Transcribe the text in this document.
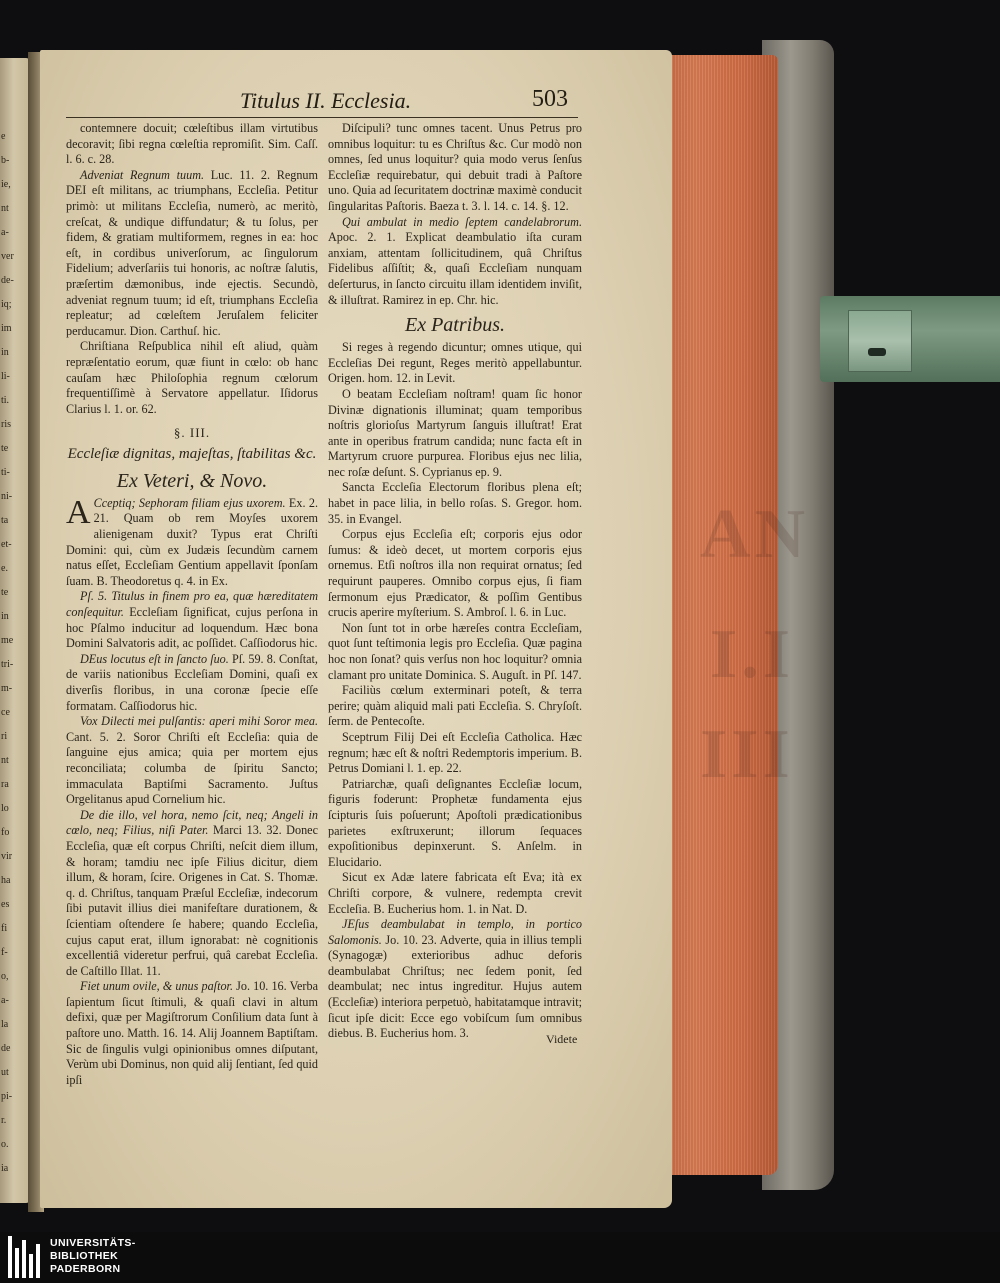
e
b-
ie,
nt
a-
ver
de-
iq;
im
in
li-
ti.
ris
te
ti-
ni-
ta
et-
e.
te
in
me
tri-
m-
ce
ri
nt
ra
lo
fo
vir
ha
es
fi
f-
o,
a-
la
de
ut
pi-
r.
o.
ia
AN
I.I
III
Titulus II. Ecclesia.	503

contemnere docuit; cœleſtibus illam virtutibus decoravit; ſibi regna cœleſtia repromiſit. Sim. Caſſ. l. 6. c. 28.

Adveniat Regnum tuum. Luc. 11. 2. Regnum DEI eſt militans, ac triumphans, Eccleſia. Petitur primò: ut militans Eccleſia, numerò, ac meritò, creſcat, & undique diffundatur; & tu ſolus, per fidem, & gratiam multiformem, regnes in ea: hoc eſt, in cordibus univerſorum, ac ſingulorum Fidelium; adverſariis tui honoris, ac noſtræ ſalutis, præſertim dæmonibus, inde ejectis. Secundò, adveniat regnum tuum; id eſt, triumphans Eccleſia repleatur; ad cœleſtem Jeruſalem feliciter perducamur. Dion. Carthuſ. hic.

Chriſtiana Reſpublica nihil eſt aliud, quàm repræſentatio eorum, quæ fiunt in cœlo: ob hanc cauſam hæc Philoſophia regnum cœlorum frequentiſſimè à Servatore appellatur. Iſidorus Clarius l. 1. or. 62.

§. III.
Eccleſiæ dignitas, majeſtas, ſtabilitas &c.
Ex Veteri, & Novo.

A Cceptiq; Sephoram filiam ejus uxorem. Ex. 2. 21. Quam ob rem Moyſes uxorem alienigenam duxit? Typus erat Chriſti Domini: qui, cùm ex Judæis ſecundùm carnem natus eſſet, Eccleſiam Gentium appellavit ſponſam ſuam. B. Theodoretus q. 4. in Ex.

Pſ. 5. Titulus in finem pro ea, quæ hæreditatem conſequitur. Eccleſiam ſignificat, cujus perſona in hoc Pſalmo inducitur ad loquendum. Hæc bona Domini Salvatoris adit, ac poſſidet. Caſſiodorus hic.

DEus locutus eſt in ſancto ſuo. Pſ. 59. 8. Conſtat, de variis nationibus Eccleſiam Domini, quaſi ex diverſis floribus, in una coronæ ſpecie eſſe formatam. Caſſiodorus hic.

Vox Dilecti mei pulſantis: aperi mihi Soror mea. Cant. 5. 2. Soror Chriſti eſt Eccleſia: quia de ſanguine ejus amica; quia per mortem ejus reconciliata; columba de ſpiritu Sancto; immaculata Baptiſmi Sacramento. Juſtus Orgelitanus apud Cornelium hic.

De die illo, vel hora, nemo ſcit, neq; Angeli in cœlo, neq; Filius, niſi Pater. Marci 13. 32. Donec Eccleſia, quæ eſt corpus Chriſti, neſcit diem illum, & horam; tamdiu nec ipſe Filius dicitur, diem illum, & horam, ſcire. Origenes in Cat. S. Thomæ. q. d. Chriſtus, tanquam Præſul Eccleſiæ, indecorum ſibi putavit illius diei manifeſtare durationem, & ſcientiam oſtendere ſe habere; quando Eccleſia, cujus caput erat, illum ignorabat: nè cognitionis excellentiâ videretur perfrui, quâ carebat Eccleſia. de Caſtillo Illat. 11.

Fiet unum ovile, & unus paſtor. Jo. 10. 16. Verba ſapientum ſicut ſtimuli, & quaſi clavi in altum defixi, quæ per Magiſtrorum Conſilium data ſunt à paſtore uno. Matth. 16. 14. Alij Joannem Baptiſtam. Sic de ſingulis vulgi opinionibus omnes diſputant, Verùm ubi Dominus, non quid alij ſentiant, ſed quid ipſi

Diſcipuli? tunc omnes tacent. Unus Petrus pro omnibus loquitur: tu es Chriſtus &c. Cur modò non omnes, ſed unus loquitur? quia modo verus ſenſus Eccleſiæ requirebatur, qui debuit tradi à Paſtore uno. Quia ad ſecuritatem doctrinæ maximè conducit ſingularitas Paſtoris. Baeza t. 3. l. 14. c. 14. §. 12.

Qui ambulat in medio ſeptem candelabrorum. Apoc. 2. 1. Explicat deambulatio iſta curam anxiam, attentam ſollicitudinem, quâ Chriſtus Fidelibus aſſiſtit; &, quaſi Eccleſiam nunquam deſerturus, in ſancto circuitu illam identidem inviſit, & illuſtrat. Ramirez in ep. Chr. hic.

Ex Patribus.

Si reges à regendo dicuntur; omnes utique, qui Eccleſias Dei regunt, Reges meritò appellabuntur. Origen. hom. 12. in Levit.

O beatam Eccleſiam noſtram! quam ſic honor Divinæ dignationis illuminat; quam temporibus noſtris glorioſus Martyrum ſanguis illuſtrat! Erat ante in operibus fratrum candida; nunc facta eſt in Martyrum cruore purpurea. Floribus ejus nec lilia, nec roſæ deſunt. S. Cyprianus ep. 9.

Sancta Eccleſia Electorum floribus plena eſt; habet in pace lilia, in bello roſas. S. Gregor. hom. 35. in Evangel.

Corpus ejus Eccleſia eſt; corporis ejus odor ſumus: & ideò decet, ut mortem corporis ejus ornemus. Etſi noſtros illa non requirat ornatus; ſed requirunt pauperes. Omnibo corpus ejus, ſi fiam ſermonum ejus Prædicator, & poſſim Gentibus crucis aperire myſterium. S. Ambroſ. l. 6. in Luc.

Non ſunt tot in orbe hæreſes contra Eccleſiam, quot ſunt teſtimonia legis pro Eccleſia. Quæ pagina hoc non ſonat? quis verſus non hoc loquitur? omnia clamant pro unitate Dominica. S. Auguſt. in Pſ. 147.

Faciliùs cœlum exterminari poteſt, & terra perire; quàm aliquid mali pati Eccleſia. S. Chryſoſt. ſerm. de Pentecoſte.

Sceptrum Filij Dei eſt Eccleſia Catholica. Hæc regnum; hæc eſt & noſtri Redemptoris imperium. B. Petrus Domiani l. 1. ep. 22.

Patriarchæ, quaſi deſignantes Eccleſiæ locum, figuris foderunt: Prophetæ fundamenta ejus ſcipturis ſuis poſuerunt; Apoſtoli prædicationibus parietes exſtruxerunt; illorum ſequaces expoſitionibus depinxerunt. S. Anſelm. in Elucidario.

Sicut ex Adæ latere fabricata eſt Eva; ità ex Chriſti corpore, & vulnere, redempta crevit Eccleſia. B. Eucherius hom. 1. in Nat. D.

JEſus deambulabat in templo, in portico Salomonis. Jo. 10. 23. Adverte, quia in illius templi (Synagogæ) exterioribus adhuc deforis deambulabat Chriſtus; nec ſedem ponit, ſed deambulat; nec intus ingreditur. Hujus autem (Eccleſiæ) interiora perpetuò, habitatamque intravit; ſicut ipſe dicit: Ecce ego vobiſcum ſum omnibus diebus. B. Eucherius hom. 3.	Videte
UNIVERSITÄTS-
BIBLIOTHEK
PADERBORN
